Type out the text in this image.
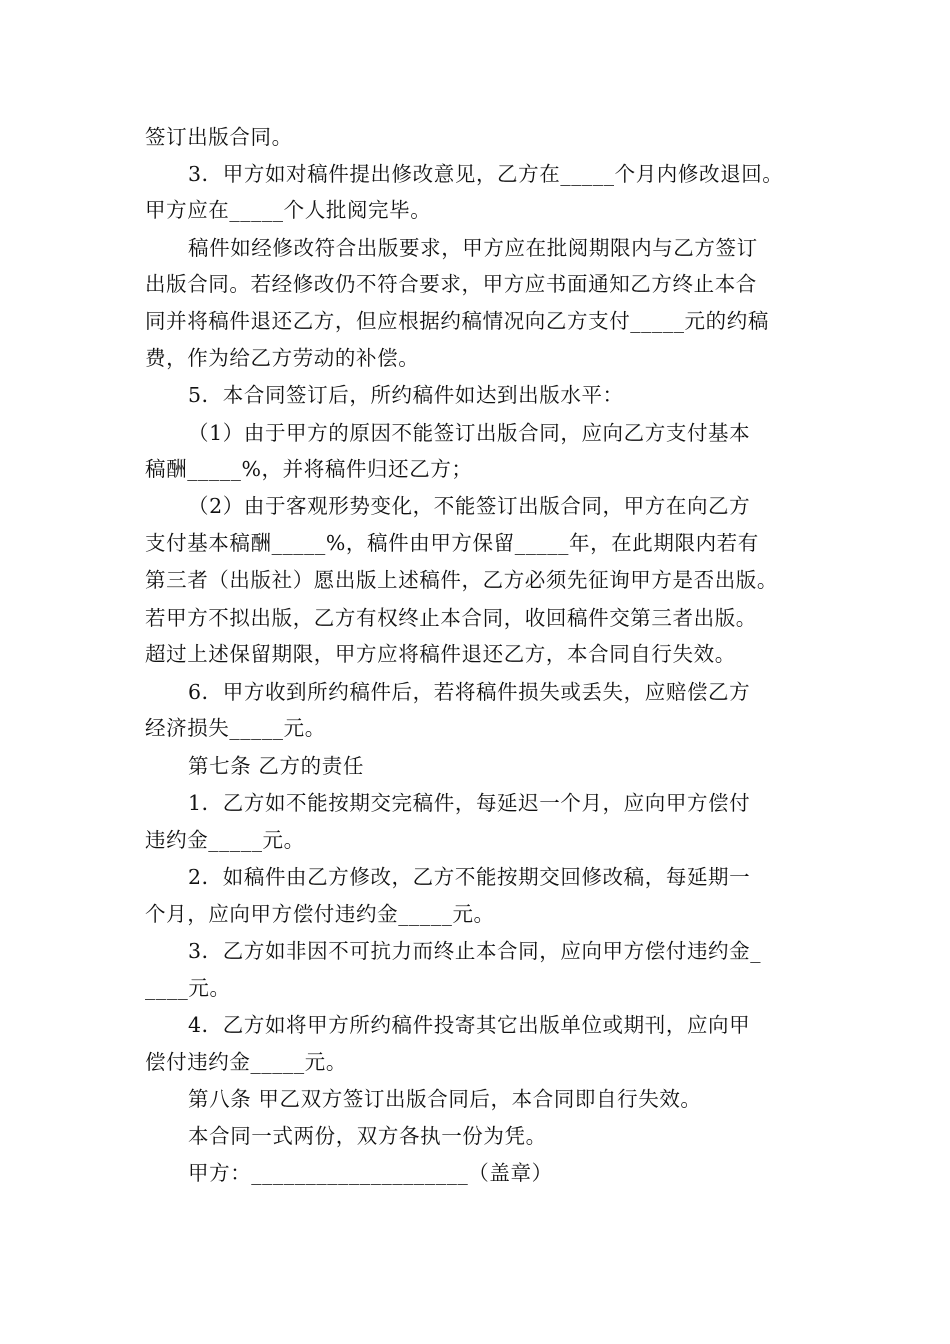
签订出版合同。

3．甲方如对稿件提出修改意见，乙方在_____个月内修改退回。

甲方应在_____个人批阅完毕。

稿件如经修改符合出版要求，甲方应在批阅期限内与乙方签订

出版合同。若经修改仍不符合要求，甲方应书面通知乙方终止本合

同并将稿件退还乙方，但应根据约稿情况向乙方支付_____元的约稿

费，作为给乙方劳动的补偿。

5．本合同签订后，所约稿件如达到出版水平：

（1）由于甲方的原因不能签订出版合同，应向乙方支付基本

稿酬_____%，并将稿件归还乙方；

（2）由于客观形势变化，不能签订出版合同，甲方在向乙方

支付基本稿酬_____%，稿件由甲方保留_____年，在此期限内若有

第三者（出版社）愿出版上述稿件，乙方必须先征询甲方是否出版。

若甲方不拟出版，乙方有权终止本合同，收回稿件交第三者出版。

超过上述保留期限，甲方应将稿件退还乙方，本合同自行失效。

6．甲方收到所约稿件后，若将稿件损失或丢失，应赔偿乙方

经济损失_____元。

第七条 乙方的责任

1．乙方如不能按期交完稿件，每延迟一个月，应向甲方偿付

违约金_____元。

2．如稿件由乙方修改，乙方不能按期交回修改稿，每延期一

个月，应向甲方偿付违约金_____元。

3．乙方如非因不可抗力而终止本合同，应向甲方偿付违约金_

____元。

4．乙方如将甲方所约稿件投寄其它出版单位或期刊，应向甲

偿付违约金_____元。

第八条 甲乙双方签订出版合同后，本合同即自行失效。

本合同一式两份，双方各执一份为凭。

甲方：____________________（盖章）
